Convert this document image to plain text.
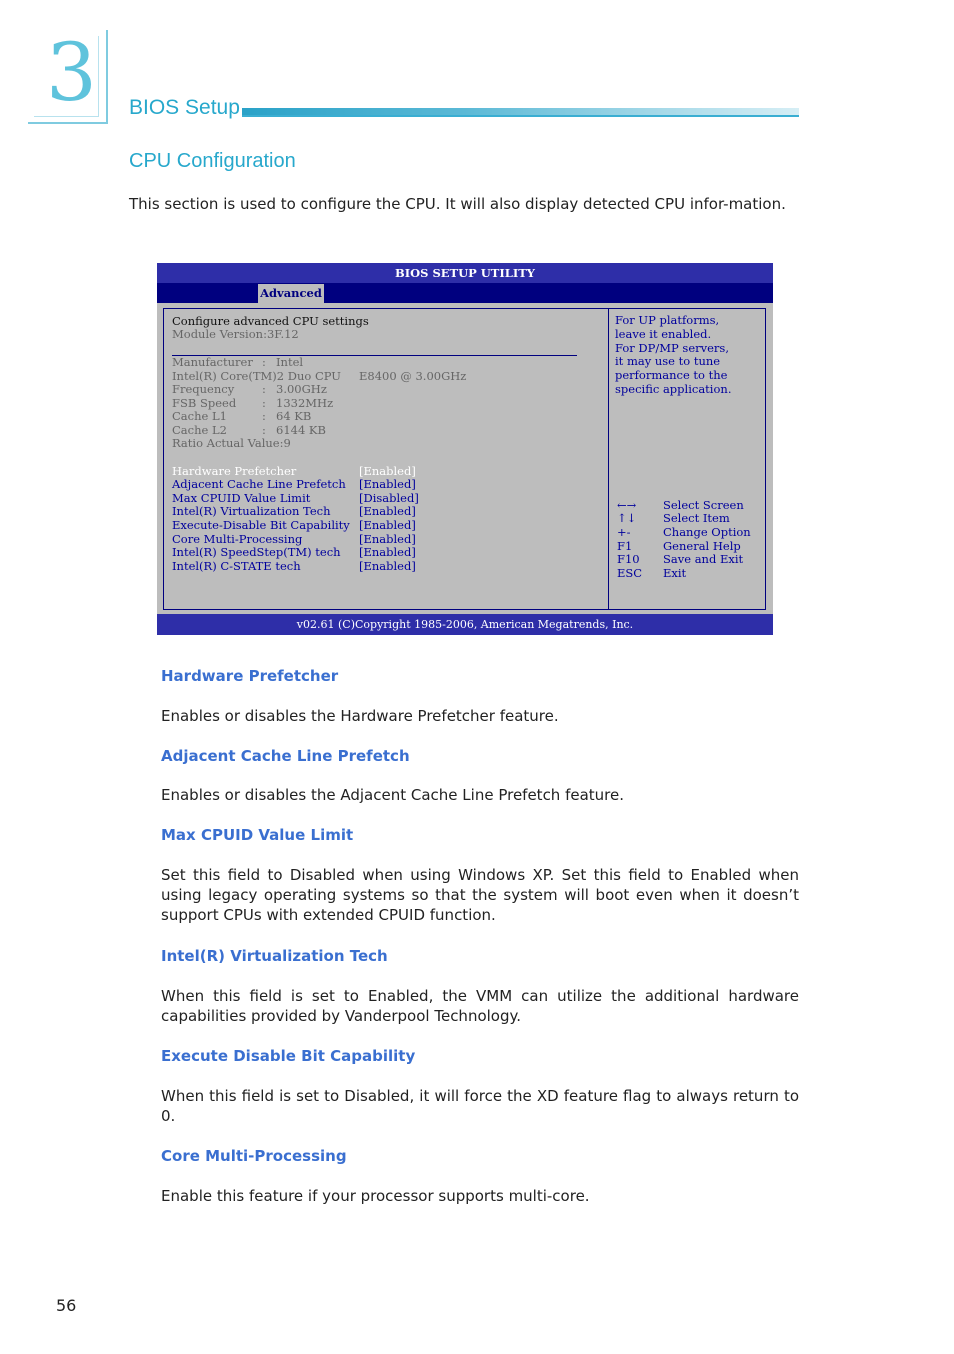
3 BIOS Setup
CPU Configuration
This section is used to configure the CPU. It will also display detected CPU infor-mation.
BIOS SETUP UTILITY
Advanced
Configure advanced CPU settings
Module Version:3F.12
Manufacturer : Intel
Intel(R) Core(TM)2 Duo CPU E8400 @ 3.00GHz
Frequency : 3.00GHz
FSB Speed : 1332MHz
Cache L1	: 64 KB
Cache L2	: 6144 KB
Ratio Actual Value:9
Hardware Prefetcher	[Enabled]
Adjacent Cache Line Prefetch [Enabled]
Max CPUID Value Limit	[Disabled]
Intel(R) Virtualization Tech [Enabled]
Execute-Disable Bit Capability [Enabled]
Core Multi-Processing	[Enabled]
Intel(R) SpeedStep(TM) tech [Enabled]
Intel(R) C-STATE tech	[Enabled]
For UP platforms,
leave it enabled.
For DP/MP servers,
it may use to tune
performance to the
specific application.
←→ Select Screen
↑↓ Select Item
+-	Change Option
F1	General Help
F10 Save and Exit
ESC Exit
v02.61 (C)Copyright 1985-2006, American Megatrends, Inc.
Hardware Prefetcher
Enables or disables the Hardware Prefetcher feature.
Adjacent Cache Line Prefetch
Enables or disables the Adjacent Cache Line Prefetch feature.
Max CPUID Value Limit
Set this field to Disabled when using Windows XP. Set this field to Enabled when using legacy operating systems so that the system will boot even when it doesn’t support CPUs with extended CPUID function.
Intel(R) Virtualization Tech
When this field is set to Enabled, the VMM can utilize the additional hardware capabilities provided by Vanderpool Technology.
Execute Disable Bit Capability
When this field is set to Disabled, it will force the XD feature flag to always return to 0.
Core Multi-Processing
Enable this feature if your processor supports multi-core.
56
